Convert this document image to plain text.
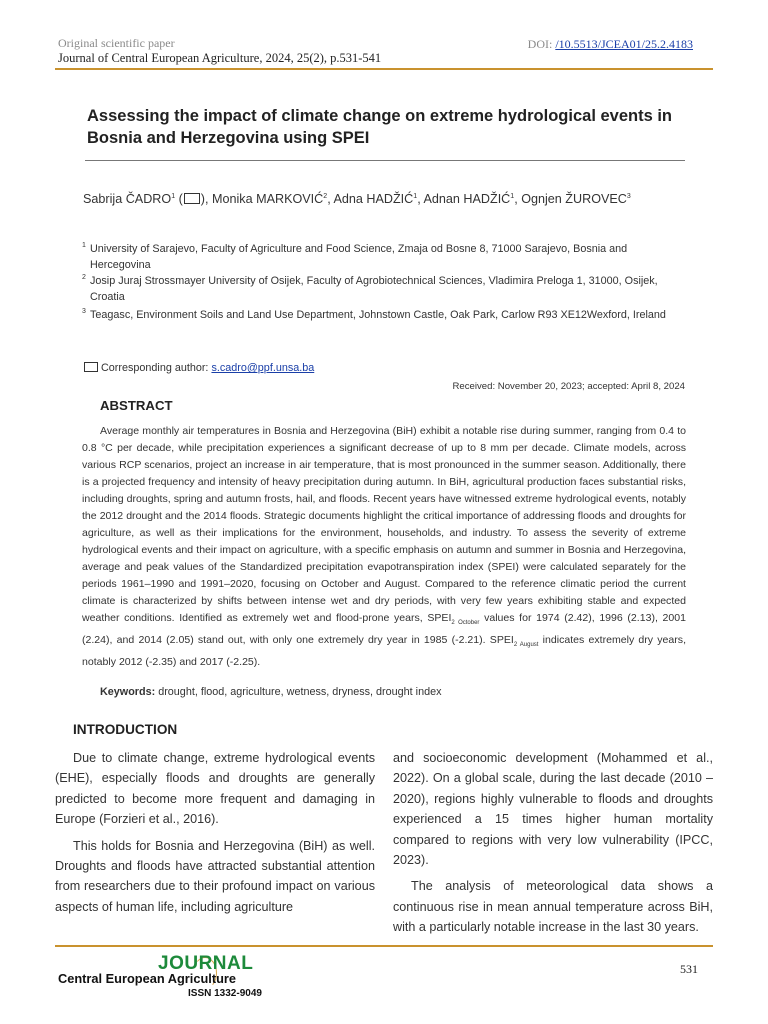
Original scientific paper
Journal of Central European Agriculture, 2024, 25(2), p.531-541
DOI: /10.5513/JCEA01/25.2.4183
Assessing the impact of climate change on extreme hydrological events in Bosnia and Herzegovina using SPEI
Sabrija ČADRO$^1$ ( ), Monika MARKOVIĆ$^2$, Adna HADŽIĆ$^1$, Adnan HADŽIĆ$^1$, Ognjen ŽUROVEC$^3$
1 University of Sarajevo, Faculty of Agriculture and Food Science, Zmaja od Bosne 8, 71000 Sarajevo, Bosnia and Hercegovina
2 Josip Juraj Strossmayer University of Osijek, Faculty of Agrobiotechnical Sciences, Vladimira Preloga 1, 31000, Osijek, Croatia
3 Teagasc, Environment Soils and Land Use Department, Johnstown Castle, Oak Park, Carlow R93 XE12Wexford, Ireland
Corresponding author: s.cadro@ppf.unsa.ba
Received: November 20, 2023; accepted: April 8, 2024
ABSTRACT
Average monthly air temperatures in Bosnia and Herzegovina (BiH) exhibit a notable rise during summer, ranging from 0.4 to 0.8 °C per decade, while precipitation experiences a significant decrease of up to 8 mm per decade. Climate models, across various RCP scenarios, project an increase in air temperature, that is most pronounced in the summer season. Additionally, there is a projected frequency and intensity of heavy precipitation during autumn. In BiH, agricultural production faces substantial risks, including droughts, spring and autumn frosts, hail, and floods. Recent years have witnessed extreme hydrological events, notably the 2012 drought and the 2014 floods. Strategic documents highlight the critical importance of addressing floods and droughts for agriculture, as well as their implications for the environment, households, and industry. To assess the severity of extreme hydrological events and their impact on agriculture, with a specific emphasis on autumn and summer in Bosnia and Herzegovina, average and peak values of the Standardized precipitation evapotranspiration index (SPEI) were calculated separately for the periods 1961–1990 and 1991–2020, focusing on October and August. Compared to the reference climatic period the current climate is characterized by shifts between intense wet and dry periods, with very few years exhibiting stable and expected weather conditions. Identified as extremely wet and flood-prone years, $SPEI_{2 October}$ values for 1974 (2.42), 1996 (2.13), 2001 (2.24), and 2014 (2.05) stand out, with only one extremely dry year in 1985 (-2.21). $SPEI_{2 August}$ indicates extremely dry years, notably 2012 (-2.35) and 2017 (-2.25).
Keywords: drought, flood, agriculture, wetness, dryness, drought index
INTRODUCTION

Due to climate change, extreme hydrological events (EHE), especially floods and droughts are generally predicted to become more frequent and damaging in Europe (Forzieri et al., 2016).

This holds for Bosnia and Herzegovina (BiH) as well. Droughts and floods have attracted substantial attention from researchers due to their profound impact on various aspects of human life, including agriculture

and socioeconomic development (Mohammed et al., 2022). On a global scale, during the last decade (2010 – 2020), regions highly vulnerable to floods and droughts experienced a 15 times higher human mortality compared to regions with very low vulnerability (IPCC, 2023).

The analysis of meteorological data shows a continuous rise in mean annual temperature across BiH, with a particularly notable increase in the last 30 years.

JOURNAL
Central European Agriculture
ISSN 1332-9049
531
